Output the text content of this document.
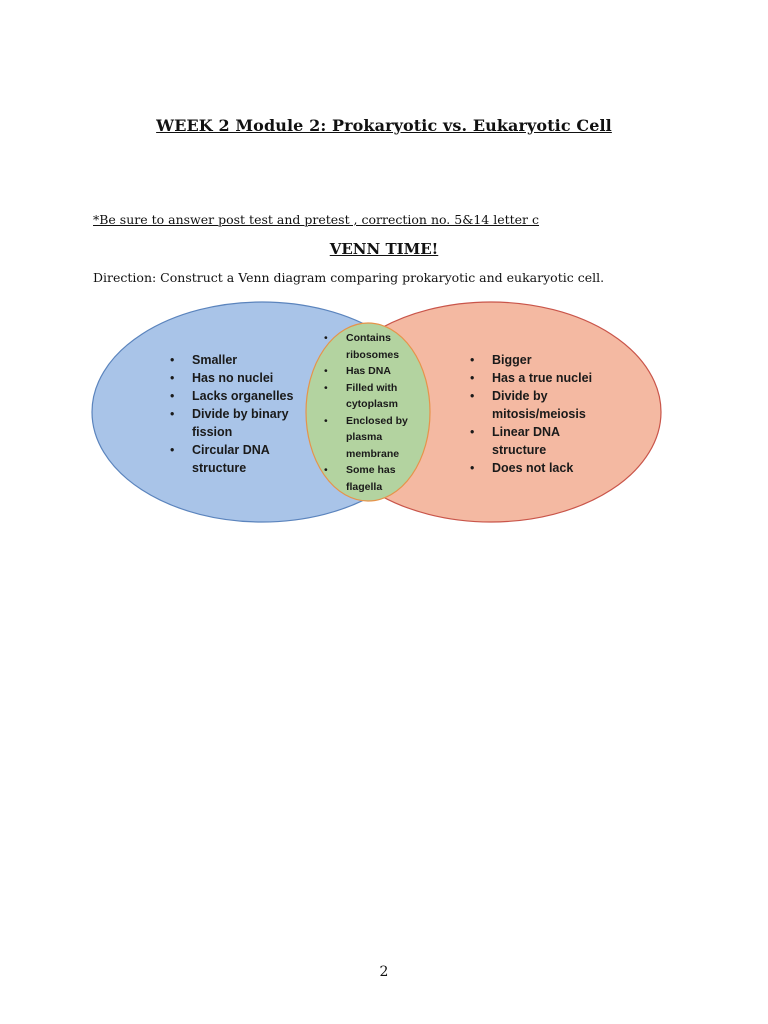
WEEK 2 Module 2: Prokaryotic vs. Eukaryotic Cell
*Be sure to answer post test and pretest , correction no. 5&14 letter c
VENN TIME!
Direction: Construct a Venn diagram comparing prokaryotic and eukaryotic cell.
• Smaller
• Has no nuclei
• Lacks organelles
• Divide by binary fission
• Circular DNA structure
• Contains ribosomes
• Has DNA
• Filled with cytoplasm
• Enclosed by plasma membrane
• Some has flagella
• Bigger
• Has a true nuclei
• Divide by mitosis/meiosis
• Linear DNA structure
• Does not lack
2
